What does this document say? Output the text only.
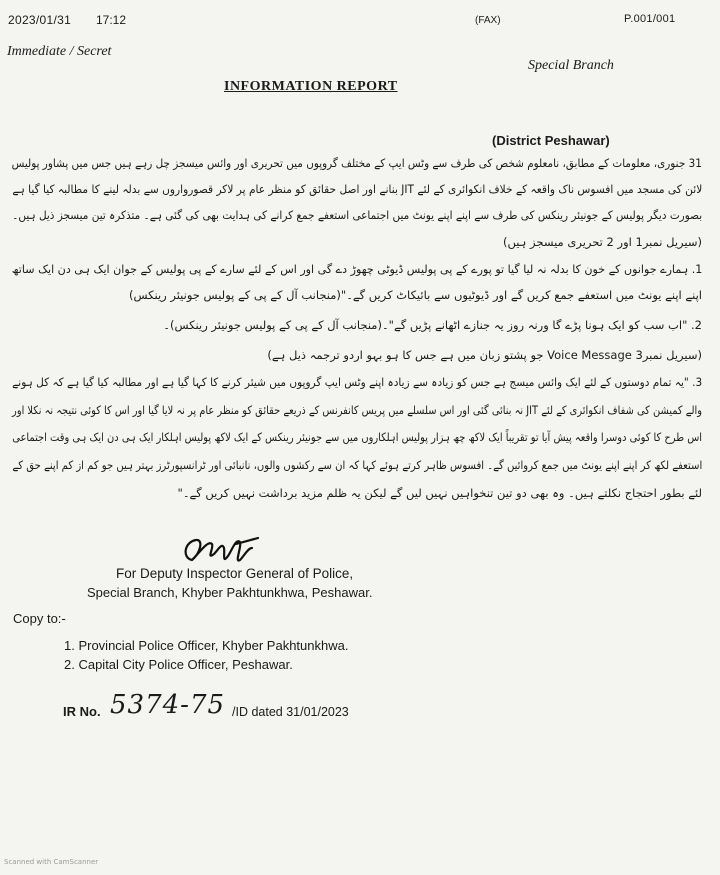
2023/01/31 17:12	(FAX)	P.001/001
Immediate / Secret
Special Branch
INFORMATION REPORT
(District Peshawar)
31 جنوری، معلومات کے مطابق، نامعلوم شخص کی طرف سے وٹس ایپ کے مختلف گروپوں میں تحریری اور وائس میسجز چل رہے ہیں جس میں پشاور پولیس
لائن کی مسجد میں افسوس ناک واقعہ کے خلاف انکوائری کے لئے JIT بنانے اور اصل حقائق کو منظر عام پر لاکر قصورواروں سے بدلہ لینے کا مطالبہ کیا گیا ہے
بصورت دیگر پولیس کے جونیئر رینکس کی طرف سے اپنے اپنے یونٹ میں اجتماعی استعفے جمع کرانے کی ہدایت بھی کی گئی ہے۔ متذکرہ تین میسجز ذیل ہیں۔
(سیریل نمبر1 اور 2 تحریری میسجز ہیں)
1. ہمارے جوانوں کے خون کا بدلہ نہ لیا گیا تو پورے کے پی پولیس ڈیوٹی چھوڑ دے گی اور اس کے لئے سارے کے پی پولیس کے جوان ایک ہی دن ایک ساتھ
اپنے اپنے یونٹ میں استعفے جمع کریں گے اور ڈیوٹیوں سے بائیکاٹ کریں گے۔"(منجانب آل کے پی کے پولیس جونیئر رینکس)
2. "اب سب کو ایک ہونا پڑے گا ورنہ روز یہ جنازے اٹھانے پڑیں گے"۔(منجانب آل کے پی کے پولیس جونیئر رینکس)۔
(سیریل نمبر3 Voice Message جو پشتو زبان میں ہے جس کا ہو بہو اردو ترجمہ ذیل ہے)
3. "یہ تمام دوستوں کے لئے ایک وائس میسج ہے جس کو زیادہ سے زیادہ اپنے وٹس ایپ گروپوں میں شیئر کرنے کا کہا گیا ہے اور مطالبہ کیا گیا ہے کہ کل ہونے
والے کمیشن کی شفاف انکوائری کے لئے JIT نہ بنائی گئی اور اس سلسلے میں پریس کانفرنس کے ذریعے حقائق کو منظر عام پر نہ لایا گیا اور اس کا کوئی نتیجہ نہ نکلا اور
اس طرح کا کوئی دوسرا واقعہ پیش آیا تو تقریباً ایک لاکھ چھ ہزار پولیس اہلکاروں میں سے جونیئر رینکس کے ایک لاکھ پولیس اہلکار ایک ہی دن ایک ہی وقت اجتماعی
استعفے لکھ کر اپنے اپنے یونٹ میں جمع کروائیں گے۔ افسوس ظاہر کرتے ہوئے کہا کہ ان سے رکشوں والوں، نانبائی اور ٹرانسپورٹرز بہتر ہیں جو کم از کم اپنے حق کے
لئے بطور احتجاج نکلتے ہیں۔ وہ بھی دو تین تنخواہیں نہیں لیں گے لیکن یہ ظلم مزید برداشت نہیں کریں گے۔"
For Deputy Inspector General of Police,
Special Branch, Khyber Pakhtunkhwa, Peshawar.
Copy to:-
1. Provincial Police Officer, Khyber Pakhtunkhwa.
2. Capital City Police Officer, Peshawar.
IR No. 5374-75 /ID dated 31/01/2023
Scanned with CamScanner
